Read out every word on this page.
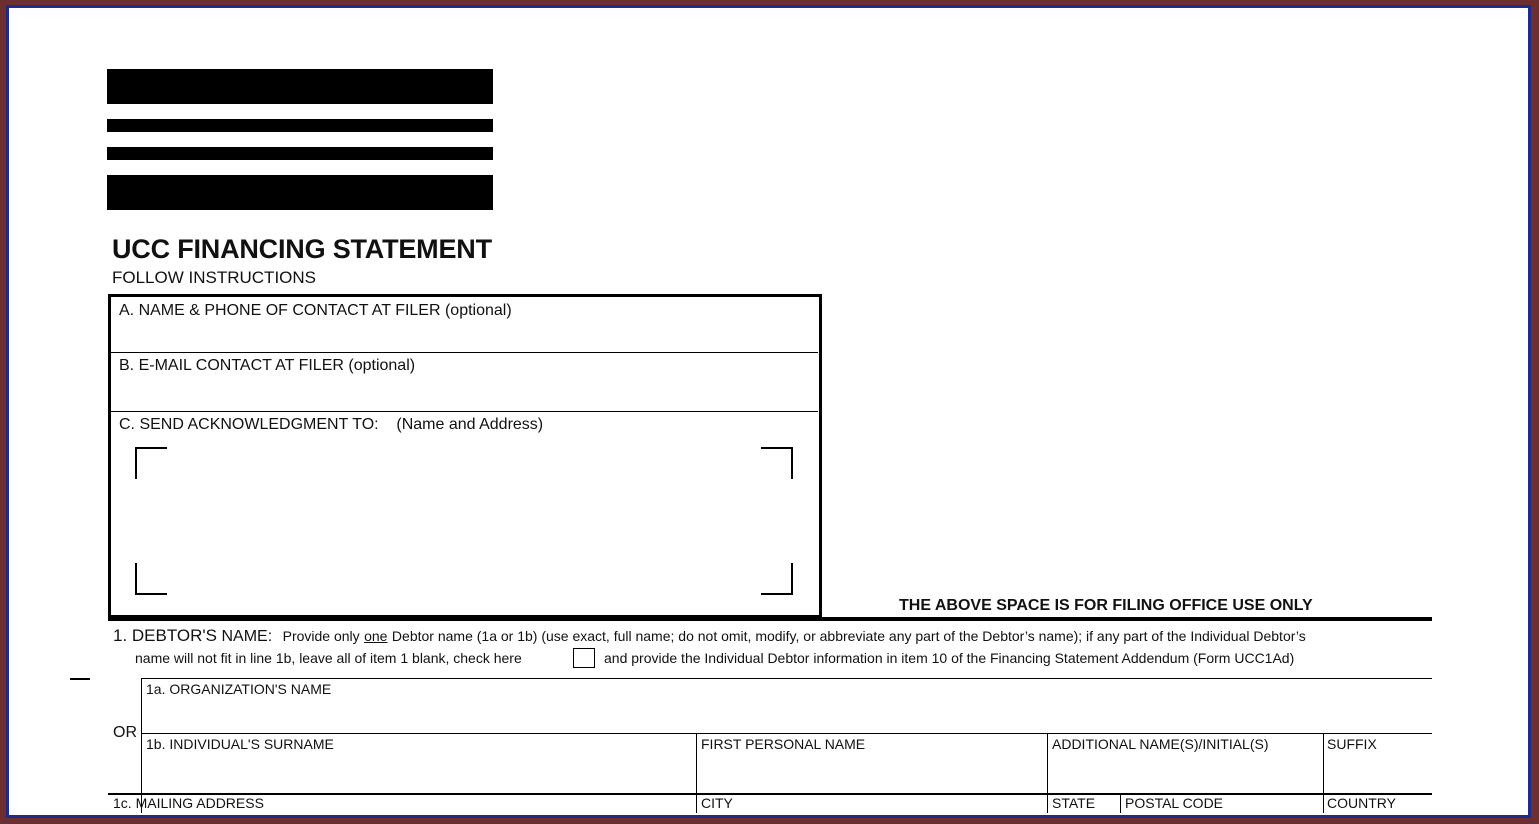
UCC FINANCING STATEMENT
FOLLOW INSTRUCTIONS
A. NAME & PHONE OF CONTACT AT FILER (optional)
B. E-MAIL CONTACT AT FILER (optional)
C. SEND ACKNOWLEDGMENT TO: (Name and Address)
THE ABOVE SPACE IS FOR FILING OFFICE USE ONLY
1. DEBTOR'S NAME: Provide only one Debtor name (1a or 1b) (use exact, full name; do not omit, modify, or abbreviate any part of the Debtor’s name); if any part of the Individual Debtor’s
name will not fit in line 1b, leave all of item 1 blank, check here	and provide the Individual Debtor information in item 10 of the Financing Statement Addendum (Form UCC1Ad)
OR
1a. ORGANIZATION'S NAME
1b. INDIVIDUAL'S SURNAME	FIRST PERSONAL NAME	ADDITIONAL NAME(S)/INITIAL(S)	SUFFIX
1c. MAILING ADDRESS	CITY	STATE POSTAL CODE	COUNTRY
